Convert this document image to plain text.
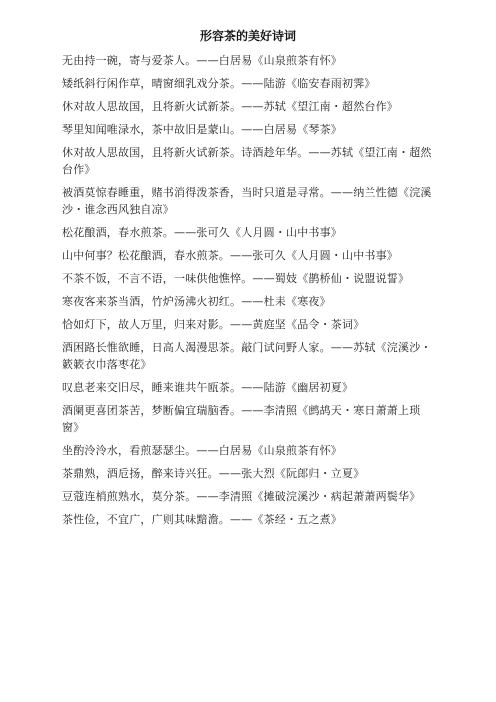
形容茶的美好诗词
无由持一碗，寄与爱茶人。——白居易《山泉煎茶有怀》
矮纸斜行闲作草，晴窗细乳戏分茶。——陆游《临安春雨初霁》
休对故人思故国，且将新火试新茶。——苏轼《望江南・超然台作》
琴里知闻唯渌水，茶中故旧是蒙山。——白居易《琴茶》
休对故人思故国，且将新火试新茶。诗酒趁年华。——苏轼《望江南・超然台作》
被酒莫惊春睡重，赌书消得泼茶香，当时只道是寻常。——纳兰性德《浣溪沙・谁念西风独自凉》
松花酿酒，春水煎茶。——张可久《人月圆・山中书事》
山中何事？松花酿酒，春水煎茶。——张可久《人月圆・山中书事》
不茶不饭，不言不语，一味供他憔悴。——蜀妓《鹊桥仙・说盟说誓》
寒夜客来茶当酒，竹炉汤沸火初红。——杜耒《寒夜》
恰如灯下，故人万里，归来对影。——黄庭坚《品令・茶词》
酒困路长惟欲睡，日高人渴漫思茶。敲门试问野人家。——苏轼《浣溪沙・簌簌衣巾落枣花》
叹息老来交旧尽，睡来谁共午瓯茶。——陆游《幽居初夏》
酒阑更喜团茶苦，梦断偏宜瑞脑香。——李清照《鹧鸪天・寒日萧萧上琐窗》
坐酌泠泠水，看煎瑟瑟尘。——白居易《山泉煎茶有怀》
茶鼎熟，酒卮扬，醉来诗兴狂。——张大烈《阮郎归・立夏》
豆蔻连梢煎熟水，莫分茶。——李清照《摊破浣溪沙・病起萧萧两鬓华》
茶性俭，不宜广，广则其味黯澹。——《茶经・五之煮》
